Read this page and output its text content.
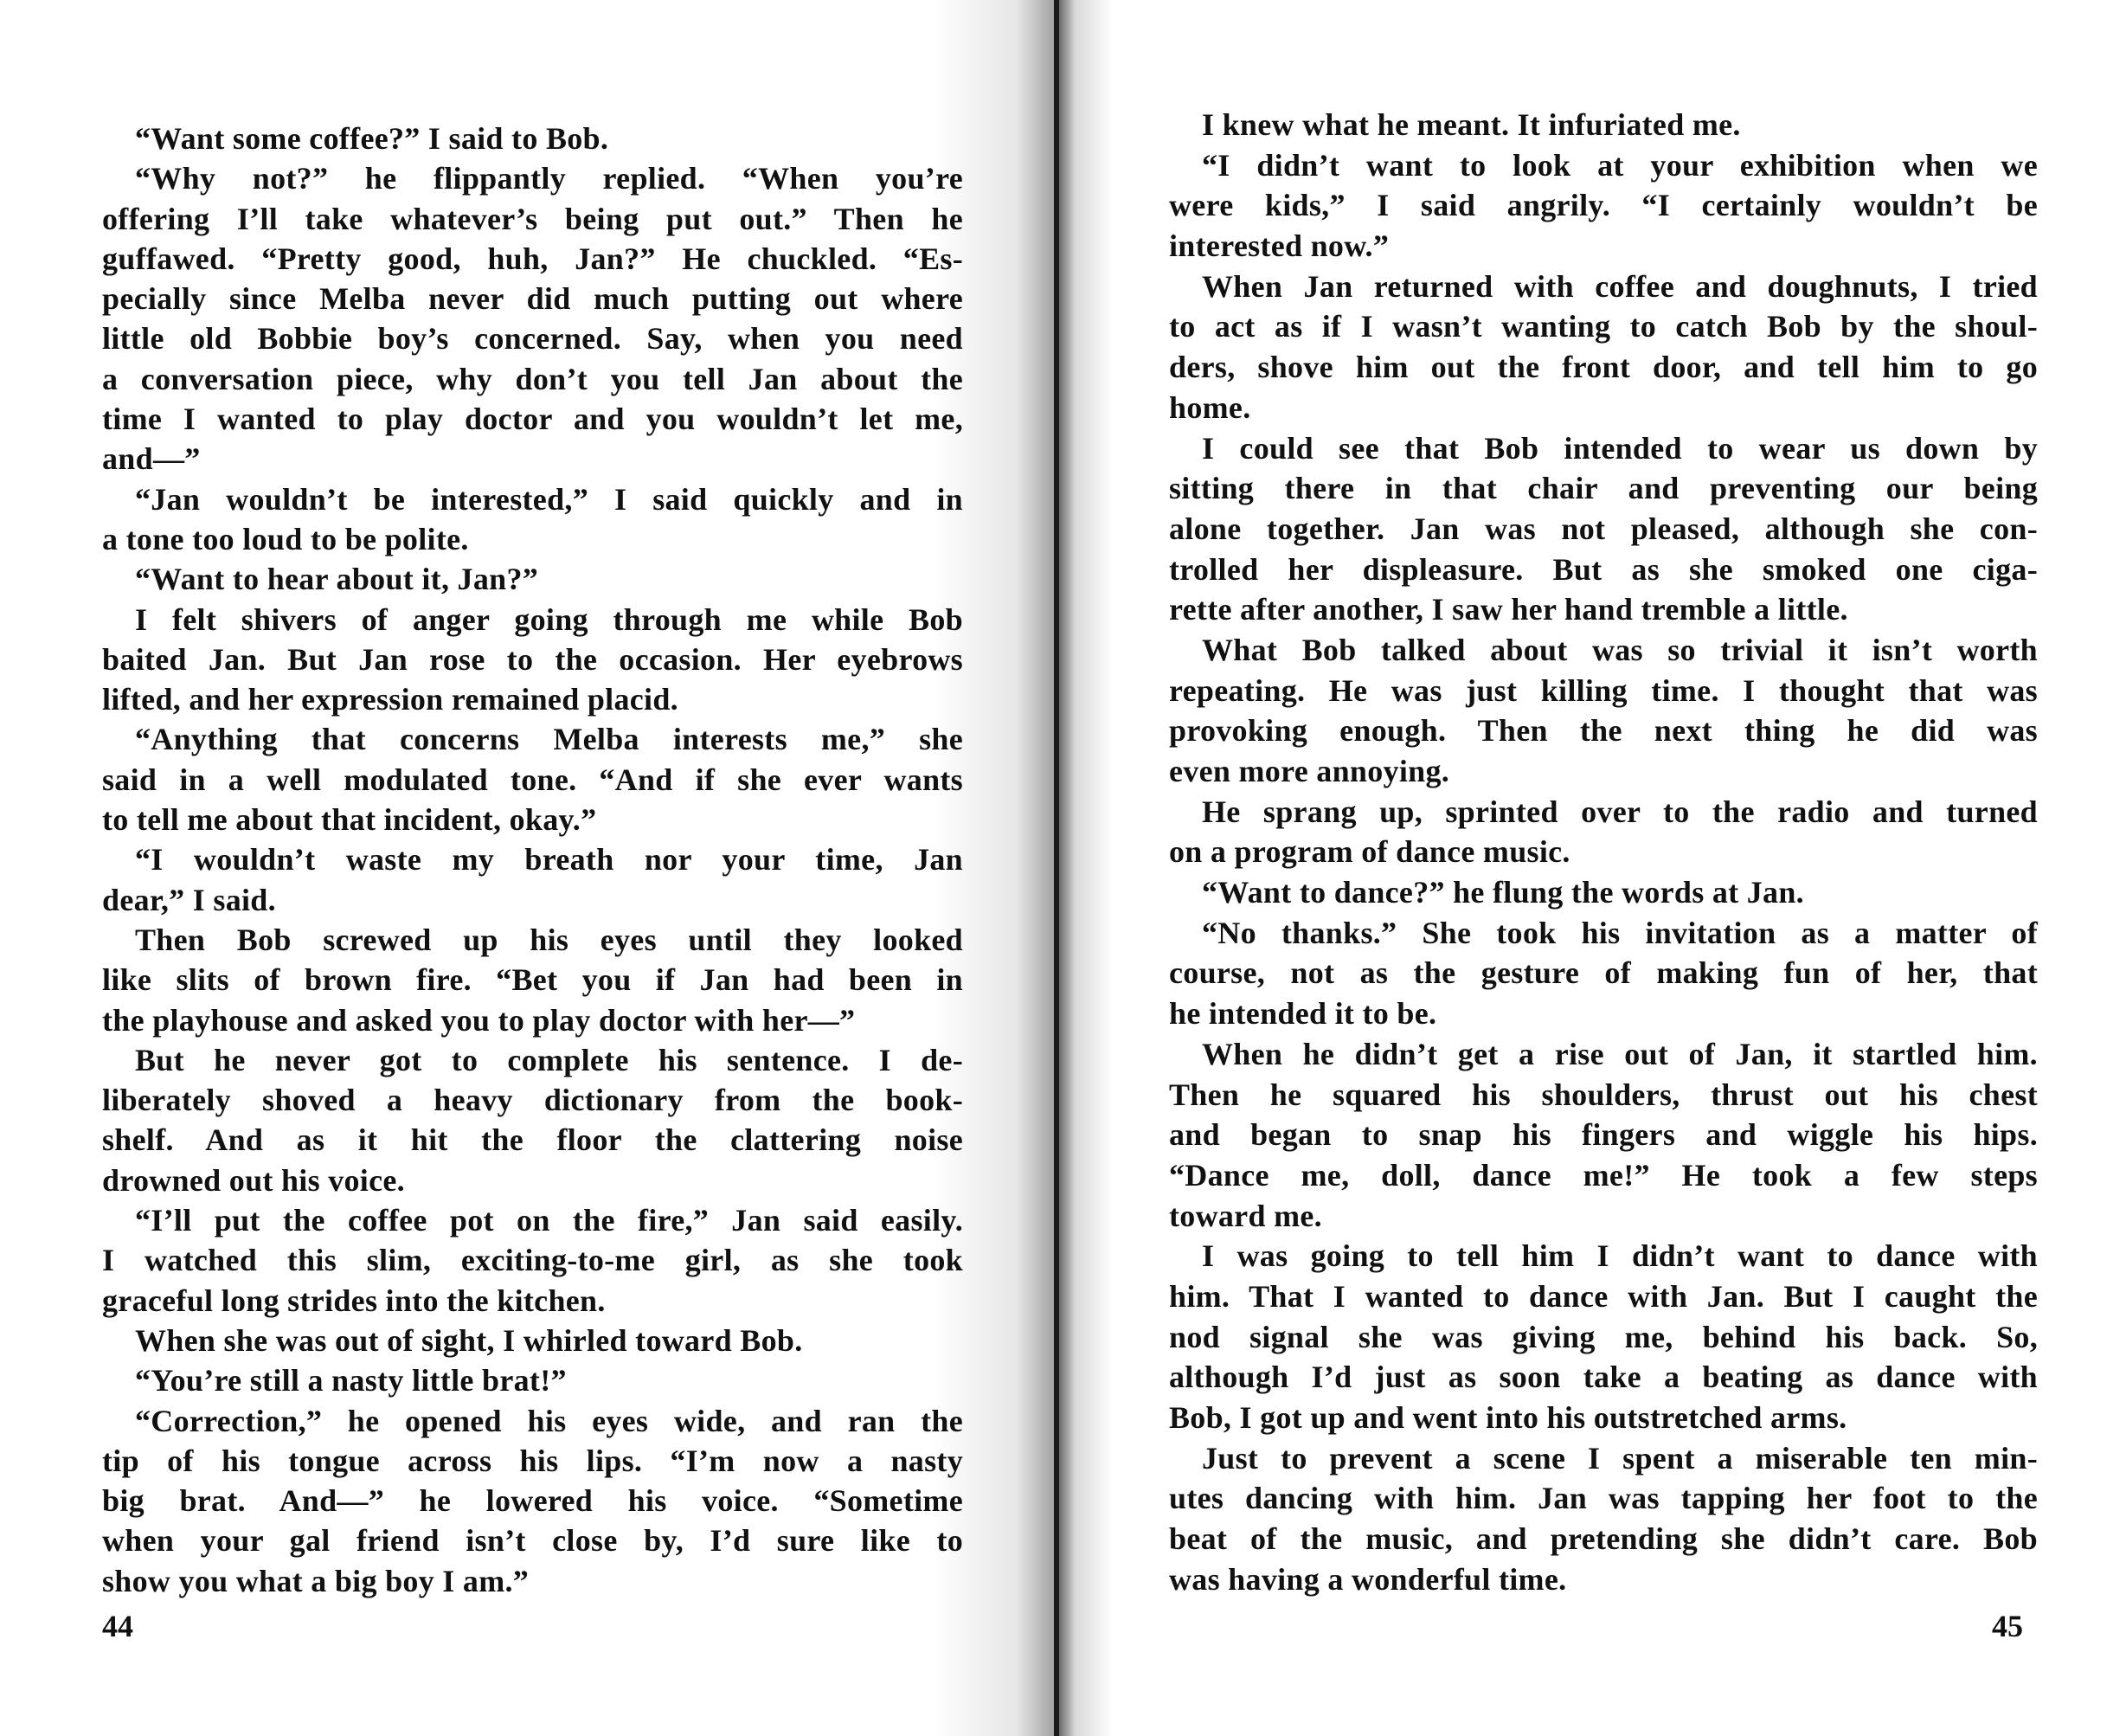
“Want some coffee?” I said to Bob.
“Why not?” he flippantly replied. “When you’re
offering I’ll take whatever’s being put out.” Then he
guffawed. “Pretty good, huh, Jan?” He chuckled. “Es-
pecially since Melba never did much putting out where
little old Bobbie boy’s concerned. Say, when you need
a conversation piece, why don’t you tell Jan about the
time I wanted to play doctor and you wouldn’t let me,
and—”
“Jan wouldn’t be interested,” I said quickly and in
a tone too loud to be polite.
“Want to hear about it, Jan?”
I felt shivers of anger going through me while Bob
baited Jan. But Jan rose to the occasion. Her eyebrows
lifted, and her expression remained placid.
“Anything that concerns Melba interests me,” she
said in a well modulated tone. “And if she ever wants
to tell me about that incident, okay.”
“I wouldn’t waste my breath nor your time, Jan
dear,” I said.
Then Bob screwed up his eyes until they looked
like slits of brown fire. “Bet you if Jan had been in
the playhouse and asked you to play doctor with her—”
But he never got to complete his sentence. I de-
liberately shoved a heavy dictionary from the book-
shelf. And as it hit the floor the clattering noise
drowned out his voice.
“I’ll put the coffee pot on the fire,” Jan said easily.
I watched this slim, exciting-to-me girl, as she took
graceful long strides into the kitchen.
When she was out of sight, I whirled toward Bob.
“You’re still a nasty little brat!”
“Correction,” he opened his eyes wide, and ran the
tip of his tongue across his lips. “I’m now a nasty
big brat. And—” he lowered his voice. “Sometime
when your gal friend isn’t close by, I’d sure like to
show you what a big boy I am.”
44
I knew what he meant. It infuriated me.
“I didn’t want to look at your exhibition when we
were kids,” I said angrily. “I certainly wouldn’t be
interested now.”
When Jan returned with coffee and doughnuts, I tried
to act as if I wasn’t wanting to catch Bob by the shoul-
ders, shove him out the front door, and tell him to go
home.
I could see that Bob intended to wear us down by
sitting there in that chair and preventing our being
alone together. Jan was not pleased, although she con-
trolled her displeasure. But as she smoked one ciga-
rette after another, I saw her hand tremble a little.
What Bob talked about was so trivial it isn’t worth
repeating. He was just killing time. I thought that was
provoking enough. Then the next thing he did was
even more annoying.
He sprang up, sprinted over to the radio and turned
on a program of dance music.
“Want to dance?” he flung the words at Jan.
“No thanks.” She took his invitation as a matter of
course, not as the gesture of making fun of her, that
he intended it to be.
When he didn’t get a rise out of Jan, it startled him.
Then he squared his shoulders, thrust out his chest
and began to snap his fingers and wiggle his hips.
“Dance me, doll, dance me!” He took a few steps
toward me.
I was going to tell him I didn’t want to dance with
him. That I wanted to dance with Jan. But I caught the
nod signal she was giving me, behind his back. So,
although I’d just as soon take a beating as dance with
Bob, I got up and went into his outstretched arms.
Just to prevent a scene I spent a miserable ten min-
utes dancing with him. Jan was tapping her foot to the
beat of the music, and pretending she didn’t care. Bob
was having a wonderful time.
45
